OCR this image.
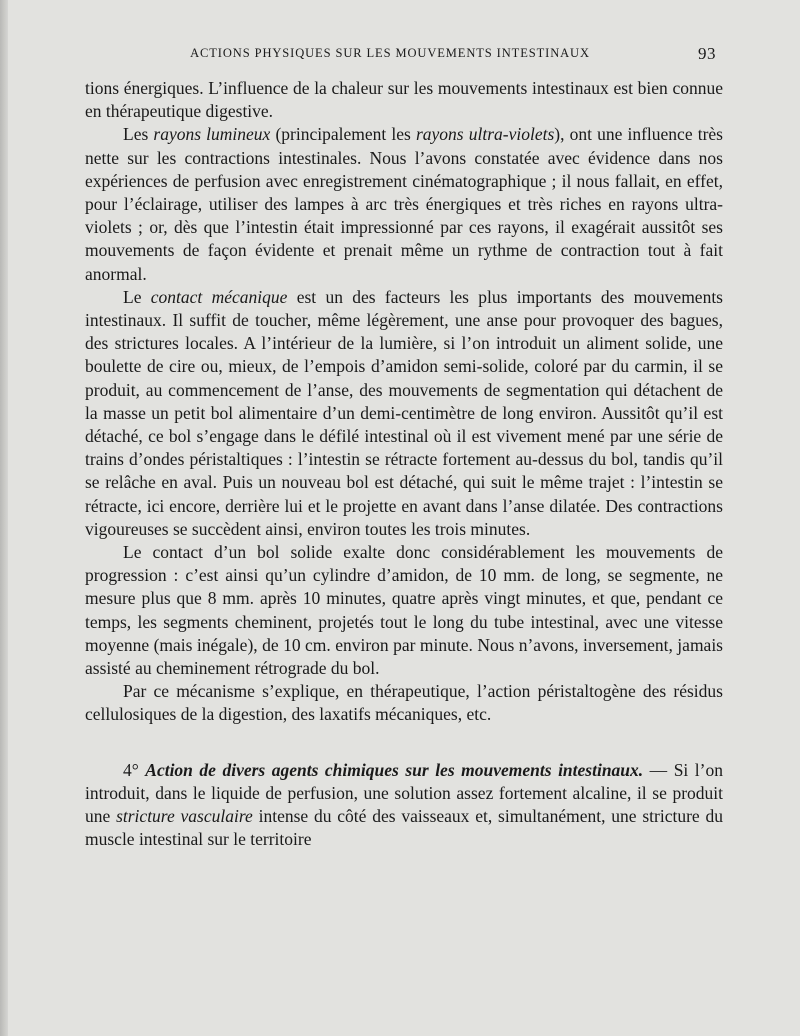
ACTIONS PHYSIQUES SUR LES MOUVEMENTS INTESTINAUX	93

tions énergiques. L’influence de la chaleur sur les mouvements intestinaux est bien connue en thérapeutique digestive.

Les rayons lumineux (principalement les rayons ultra-violets), ont une influence très nette sur les contractions intestinales. Nous l’avons constatée avec évidence dans nos expériences de perfusion avec enregistrement cinématographique ; il nous fallait, en effet, pour l’éclairage, utiliser des lampes à arc très énergiques et très riches en rayons ultra-violets ; or, dès que l’intestin était impressionné par ces rayons, il exagérait aussitôt ses mouvements de façon évidente et prenait même un rythme de contraction tout à fait anormal.

Le contact mécanique est un des facteurs les plus importants des mouvements intestinaux. Il suffit de toucher, même légèrement, une anse pour provoquer des bagues, des strictures locales. A l’intérieur de la lumière, si l’on introduit un aliment solide, une boulette de cire ou, mieux, de l’empois d’amidon semi-solide, coloré par du carmin, il se produit, au commencement de l’anse, des mouvements de segmentation qui détachent de la masse un petit bol alimentaire d’un demi-centimètre de long environ. Aussitôt qu’il est détaché, ce bol s’engage dans le défilé intestinal où il est vivement mené par une série de trains d’ondes péristaltiques : l’intestin se rétracte fortement au-dessus du bol, tandis qu’il se relâche en aval. Puis un nouveau bol est détaché, qui suit le même trajet : l’intestin se rétracte, ici encore, derrière lui et le projette en avant dans l’anse dilatée. Des contractions vigoureuses se succèdent ainsi, environ toutes les trois minutes.

Le contact d’un bol solide exalte donc considérablement les mouvements de progression : c’est ainsi qu’un cylindre d’amidon, de 10 mm. de long, se segmente, ne mesure plus que 8 mm. après 10 minutes, quatre après vingt minutes, et que, pendant ce temps, les segments cheminent, projetés tout le long du tube intestinal, avec une vitesse moyenne (mais inégale), de 10 cm. environ par minute. Nous n’avons, inversement, jamais assisté au cheminement rétrograde du bol.

Par ce mécanisme s’explique, en thérapeutique, l’action péristaltogène des résidus cellulosiques de la digestion, des laxatifs mécaniques, etc.

4° Action de divers agents chimiques sur les mouvements intestinaux. — Si l’on introduit, dans le liquide de perfusion, une solution assez fortement alcaline, il se produit une stricture vasculaire intense du côté des vaisseaux et, simultanément, une stricture du muscle intestinal sur le territoire
